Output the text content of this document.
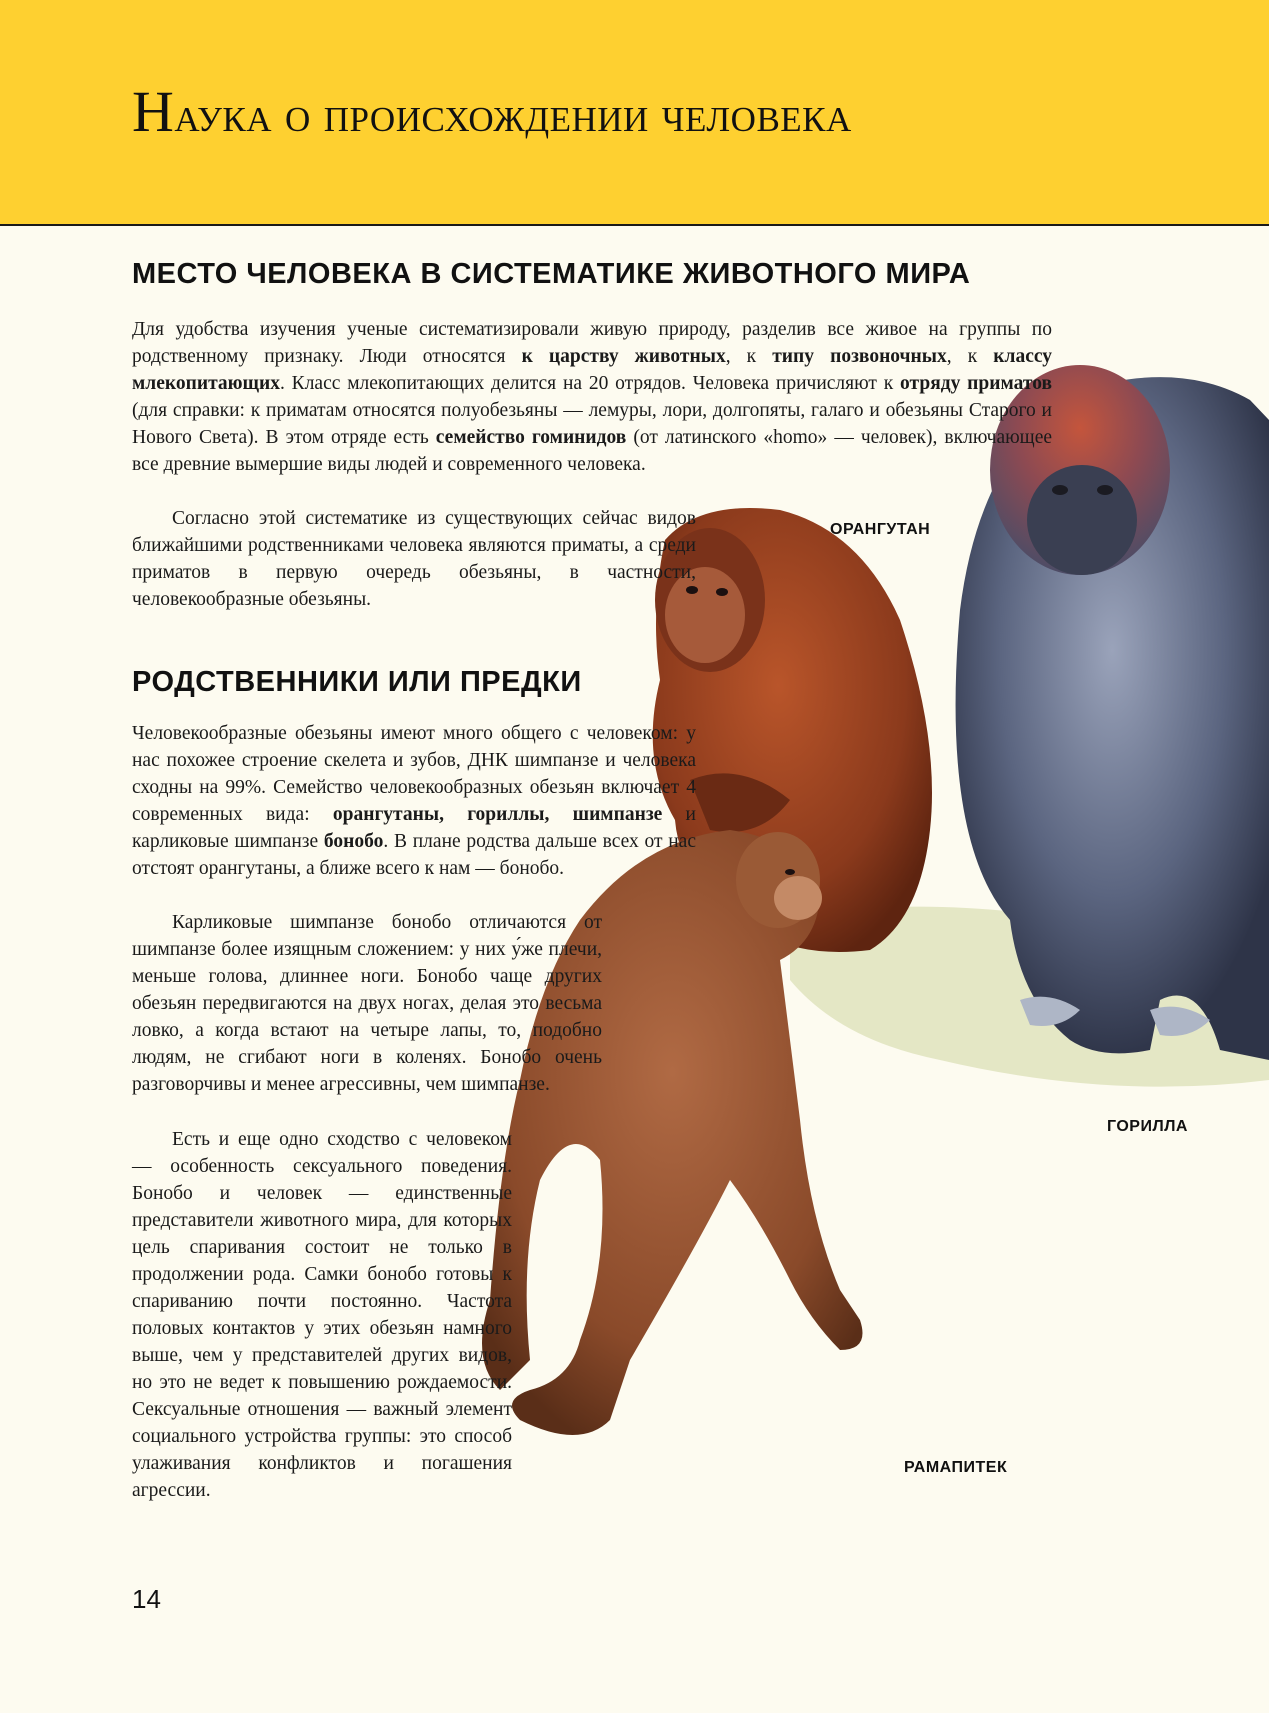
Наука о происхождении человека
МЕСТО ЧЕЛОВЕКА В СИСТЕМАТИКЕ ЖИВОТНОГО МИРА

Для удобства изучения ученые систематизировали живую природу, разделив все живое на группы по родственному признаку. Люди относятся к царству животных, к типу позвоночных, к классу млекопитающих. Класс млекопитающих делится на 20 отрядов. Человека причисляют к отряду приматов (для справки: к приматам относятся полуобезьяны — лемуры, лори, долгопяты, галаго и обезьяны Старого и Нового Света). В этом отряде есть семейство гоминидов (от латинского «homo» — человек), включающее все древние вымершие виды людей и современного человека.

Согласно этой систематике из существующих сейчас видов ближайшими родственниками человека являются приматы, а среди приматов в первую очередь обезьяны, в частности, человекообразные обезьяны.

РОДСТВЕННИКИ ИЛИ ПРЕДКИ

Человекообразные обезьяны имеют много общего с человеком: у нас похожее строение скелета и зубов, ДНК шимпанзе и человека сходны на 99%. Семейство человекообразных обезьян включает 4 современных вида: орангутаны, гориллы, шимпанзе и карликовые шимпанзе бонобо. В плане родства дальше всех от нас отстоят орангутаны, а ближе всего к нам — бонобо.

Карликовые шимпанзе бонобо отличаются от шимпанзе более изящным сложением: у них у́же плечи, меньше голова, длиннее ноги. Бонобо чаще других обезьян передвигаются на двух ногах, делая это весьма ловко, а когда встают на четыре лапы, то, подобно людям, не сгибают ноги в коленях. Бонобо очень разговорчивы и менее агрессивны, чем шимпанзе.

Есть и еще одно сходство с человеком — особенность сексуального поведения. Бонобо и человек — единственные представители животного мира, для которых цель спаривания состоит не только в продолжении рода. Самки бонобо готовы к спариванию почти постоянно. Частота половых контактов у этих обезьян намного выше, чем у представителей других видов, но это не ведет к повышению рождаемости. Сексуальные отношения — важный элемент социального устройства группы: это способ улаживания конфликтов и погашения агрессии.

ОРАНГУТАН
ГОРИЛЛА
РАМАПИТЕК
14
